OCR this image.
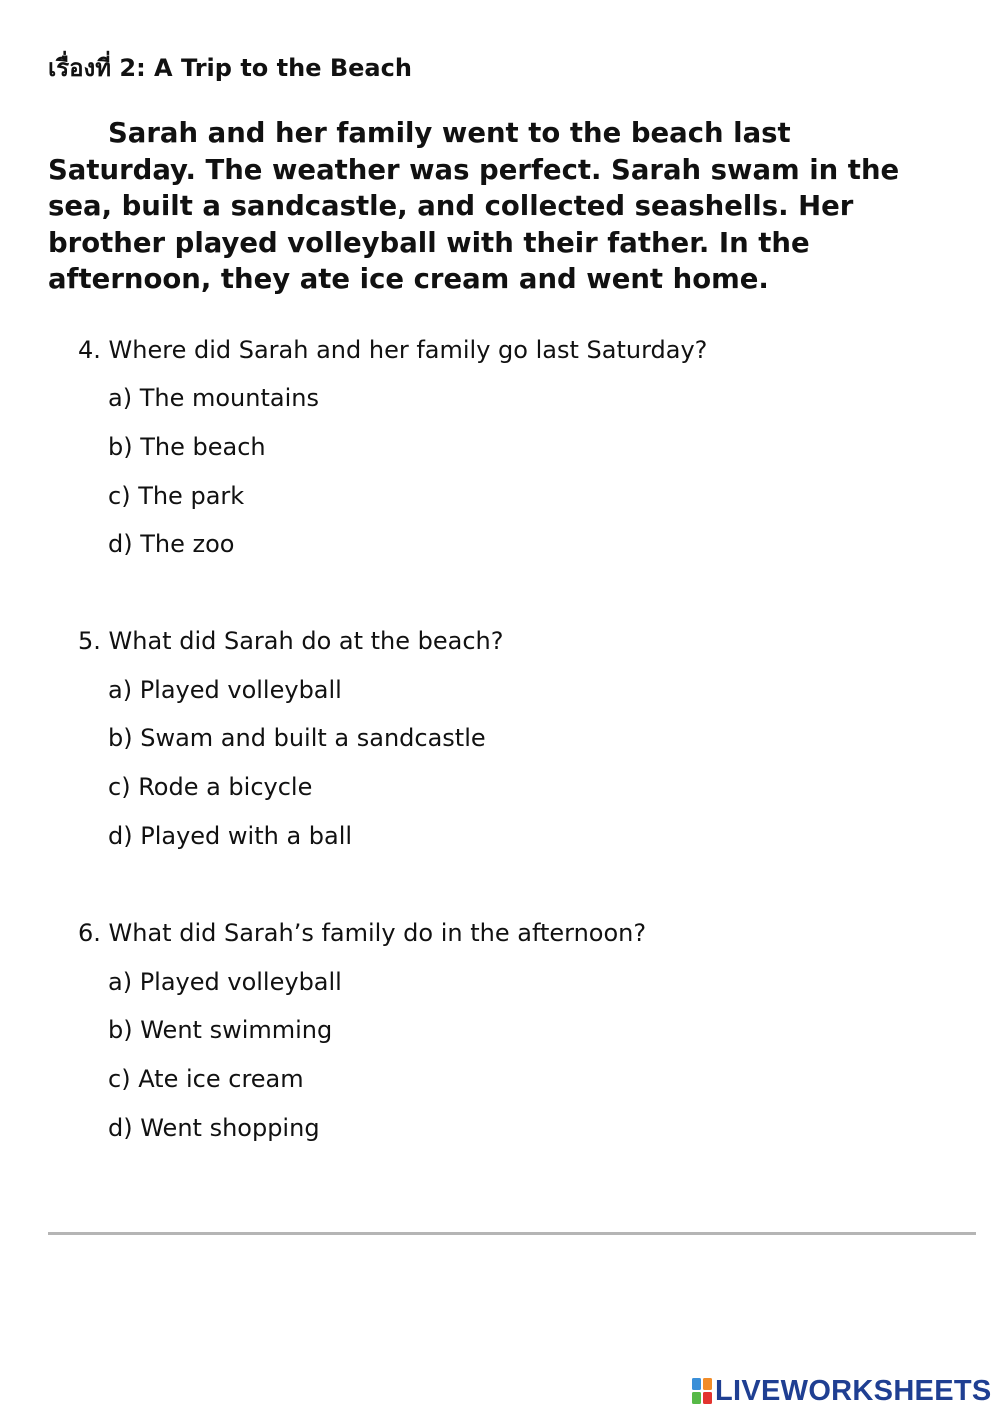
เรื่องที่ 2: A Trip to the Beach

Sarah and her family went to the beach last Saturday. The weather was perfect. Sarah swam in the sea, built a sandcastle, and collected seashells. Her brother played volleyball with their father. In the afternoon, they ate ice cream and went home.

4. Where did Sarah and her family go last Saturday?
a) The mountains
b) The beach
c) The park
d) The zoo
5. What did Sarah do at the beach?
a) Played volleyball
b) Swam and built a sandcastle
c) Rode a bicycle
d) Played with a ball
6. What did Sarah’s family do in the afternoon?
a) Played volleyball
b) Went swimming
c) Ate ice cream
d) Went shopping
LIVEWORKSHEETS
